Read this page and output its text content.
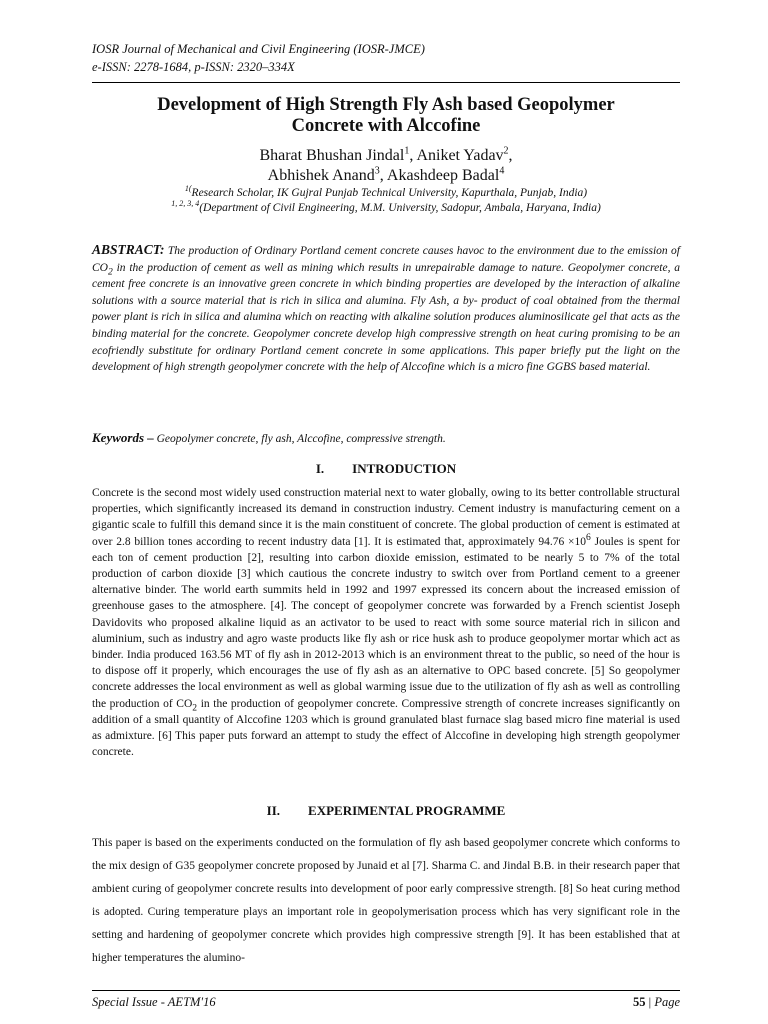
IOSR Journal of Mechanical and Civil Engineering (IOSR-JMCE)
e-ISSN: 2278-1684, p-ISSN: 2320–334X
Development of High Strength Fly Ash based Geopolymer
Concrete with Alccofine
Bharat Bhushan Jindal$^1$, Aniket Yadav$^2$,
Abhishek Anand$^3$, Akashdeep Badal$^4$
$^{1(}$Research Scholar, IK Gujral Punjab Technical University, Kapurthala, Punjab, India)
$^{1, 2, 3, 4}$(Department of Civil Engineering, M.M. University, Sadopur, Ambala, Haryana, India)
ABSTRACT: The production of Ordinary Portland cement concrete causes havoc to the environment due to the emission of $CO_2$ in the production of cement as well as mining which results in unrepairable damage to nature. Geopolymer concrete, a cement free concrete is an innovative green concrete in which binding properties are developed by the interaction of alkaline solutions with a source material that is rich in silica and alumina. Fly Ash, a by- product of coal obtained from the thermal power plant is rich in silica and alumina which on reacting with alkaline solution produces aluminosilicate gel that acts as the binding material for the concrete. Geopolymer concrete develop high compressive strength on heat curing promising to be an ecofriendly substitute for ordinary Portland cement concrete in some applications. This paper briefly put the light on the development of high strength geopolymer concrete with the help of Alccofine which is a micro fine GGBS based material.
Keywords – Geopolymer concrete, fly ash, Alccofine, compressive strength.
I. INTRODUCTION
Concrete is the second most widely used construction material next to water globally, owing to its better controllable structural properties, which significantly increased its demand in construction industry. Cement industry is manufacturing cement on a gigantic scale to fulfill this demand since it is the main constituent of concrete. The global production of cement is estimated at over 2.8 billion tones according to recent industry data [1]. It is estimated that, approximately $94.76 \times 10^6$ Joules is spent for each ton of cement production [2], resulting into carbon dioxide emission, estimated to be nearly 5 to 7% of the total production of carbon dioxide [3] which cautious the concrete industry to switch over from Portland cement to a greener alternative binder. The world earth summits held in 1992 and 1997 expressed its concern about the increased emission of greenhouse gases to the atmosphere. [4]. The concept of geopolymer concrete was forwarded by a French scientist Joseph Davidovits who proposed alkaline liquid as an activator to be used to react with some source material rich in silicon and aluminium, such as industry and agro waste products like fly ash or rice husk ash to produce geopolymer mortar which act as binder. India produced 163.56 MT of fly ash in 2012-2013 which is an environment threat to the public, so need of the hour is to dispose off it properly, which encourages the use of fly ash as an alternative to OPC based concrete. [5] So geopolymer concrete addresses the local environment as well as global warming issue due to the utilization of fly ash as well as controlling the production of $CO_2$ in the production of geopolymer concrete. Compressive strength of concrete increases significantly on addition of a small quantity of Alccofine 1203 which is ground granulated blast furnace slag based micro fine material is used as admixture. [6] This paper puts forward an attempt to study the effect of Alccofine in developing high strength geopolymer concrete.
II. EXPERIMENTAL PROGRAMME
This paper is based on the experiments conducted on the formulation of fly ash based geopolymer concrete which conforms to the mix design of G35 geopolymer concrete proposed by Junaid et al [7]. Sharma C. and Jindal B.B. in their research paper that ambient curing of geopolymer concrete results into development of poor early compressive strength. [8] So heat curing method is adopted. Curing temperature plays an important role in geopolymerisation process which has very significant role in the setting and hardening of geopolymer concrete which provides high compressive strength [9]. It has been established that at higher temperatures the alumino-
Special Issue - AETM'16	55 | Page
